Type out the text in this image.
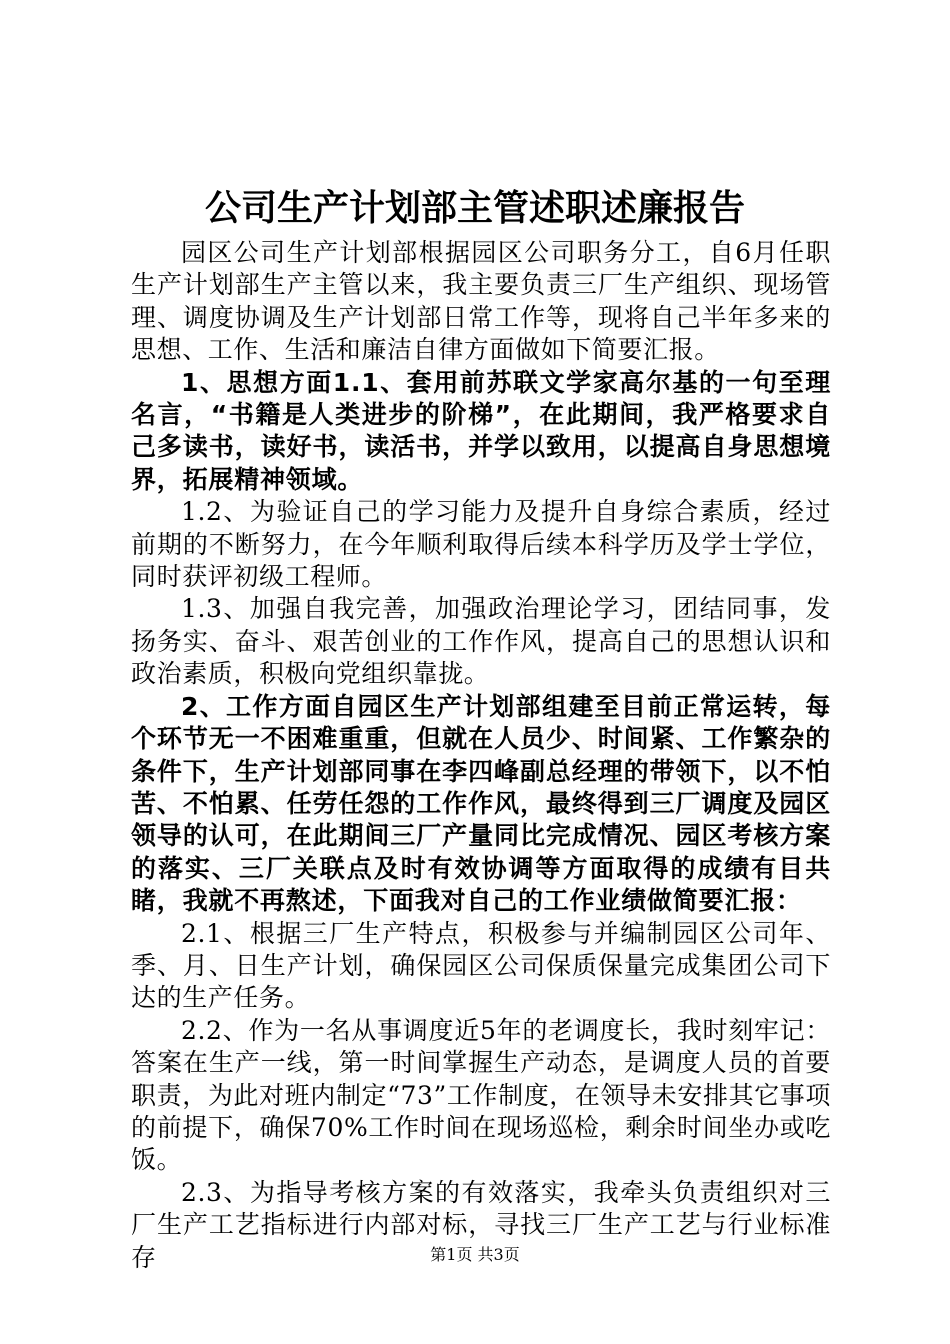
公司生产计划部主管述职述廉报告

园区公司生产计划部根据园区公司职务分工，自6月任职生产计划部生产主管以来，我主要负责三厂生产组织、现场管理、调度协调及生产计划部日常工作等，现将自己半年多来的思想、工作、生活和廉洁自律方面做如下简要汇报。

1、思想方面1.1、套用前苏联文学家高尔基的一句至理名言，“书籍是人类进步的阶梯”，在此期间，我严格要求自己多读书，读好书，读活书，并学以致用，以提高自身思想境界，拓展精神领域。

1.2、为验证自己的学习能力及提升自身综合素质，经过前期的不断努力，在今年顺利取得后续本科学历及学士学位，同时获评初级工程师。

1.3、加强自我完善，加强政治理论学习，团结同事，发扬务实、奋斗、艰苦创业的工作作风，提高自己的思想认识和政治素质，积极向党组织靠拢。

2、工作方面自园区生产计划部组建至目前正常运转，每个环节无一不困难重重，但就在人员少、时间紧、工作繁杂的条件下，生产计划部同事在李四峰副总经理的带领下，以不怕苦、不怕累、任劳任怨的工作作风，最终得到三厂调度及园区领导的认可，在此期间三厂产量同比完成情况、园区考核方案的落实、三厂关联点及时有效协调等方面取得的成绩有目共睹，我就不再熬述，下面我对自己的工作业绩做简要汇报：

2.1、根据三厂生产特点，积极参与并编制园区公司年、季、月、日生产计划，确保园区公司保质保量完成集团公司下达的生产任务。

2.2、作为一名从事调度近5年的老调度长，我时刻牢记：答案在生产一线，第一时间掌握生产动态，是调度人员的首要职责，为此对班内制定“73”工作制度，在领导未安排其它事项的前提下，确保70%工作时间在现场巡检，剩余时间坐办或吃饭。

2.3、为指导考核方案的有效落实，我牵头负责组织对三厂生产工艺指标进行内部对标，寻找三厂生产工艺与行业标准存	第1页 共3页
